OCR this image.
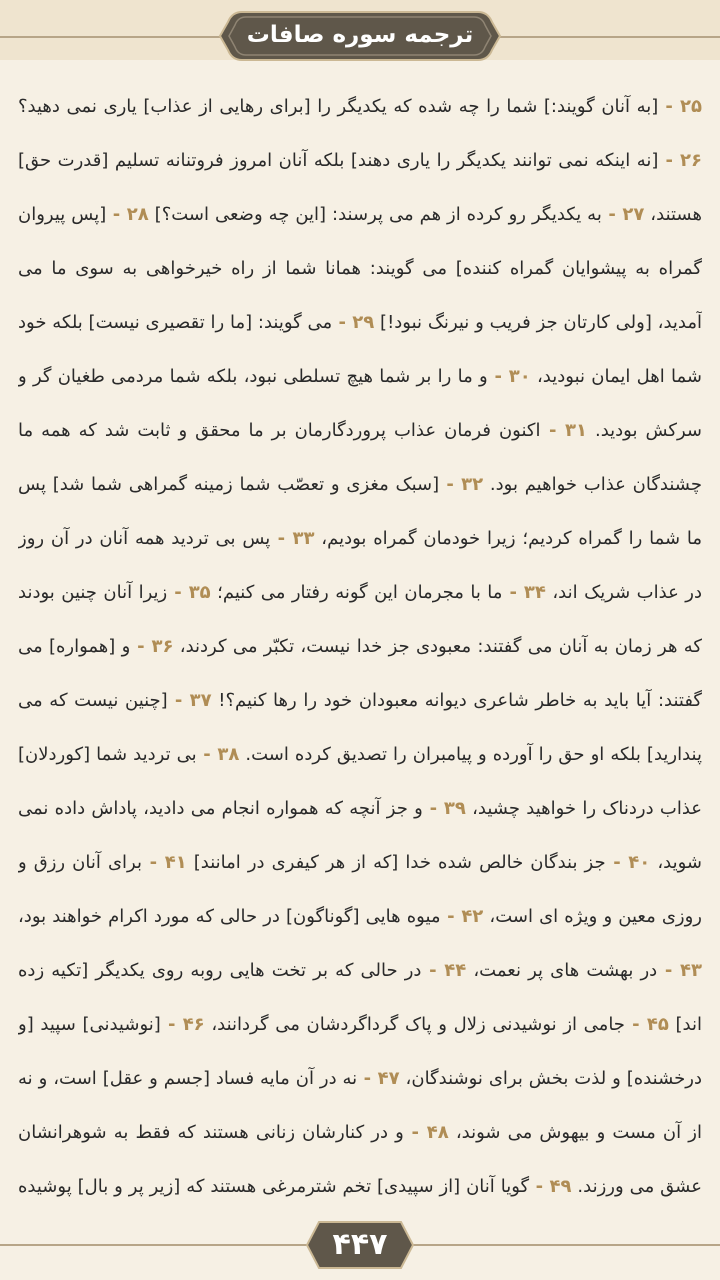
ترجمه سوره صافات
۲۵ - [به آنان گویند:] شما را چه شده که یکدیگر را [برای رهایی از عذاب] یاری نمی دهید؟ ۲۶ - [نه اینکه نمی توانند یکدیگر را یاری دهند] بلکه آنان امروز فروتنانه تسلیم [قدرت حق] هستند، ۲۷ - به یکدیگر رو کرده از هم می پرسند: [این چه وضعی است؟] ۲۸ - [پس پیروان گمراه به پیشوایان گمراه کننده] می گویند: همانا شما از راه خیرخواهی به سوی ما می آمدید، [ولی کارتان جز فریب و نیرنگ نبود!] ۲۹ - می گویند: [ما را تقصیری نیست] بلکه خود شما اهل ایمان نبودید، ۳۰ - و ما را بر شما هیچ تسلطی نبود، بلکه شما مردمی طغیان گر و سرکش بودید. ۳۱ - اکنون فرمان عذاب پروردگارمان بر ما محقق و ثابت شد که همه ما چشندگان عذاب خواهیم بود. ۳۲ - [سبک مغزی و تعصّب شما زمینه گمراهی شما شد] پس ما شما را گمراه کردیم؛ زیرا خودمان گمراه بودیم، ۳۳ - پس بی تردید همه آنان در آن روز در عذاب شریک اند، ۳۴ - ما با مجرمان این گونه رفتار می کنیم؛ ۳۵ - زیرا آنان چنین بودند که هر زمان به آنان می گفتند: معبودی جز خدا نیست، تکبّر می کردند، ۳۶ - و [همواره] می گفتند: آیا باید به خاطر شاعری دیوانه معبودان خود را رها کنیم؟! ۳۷ - [چنین نیست که می پندارید] بلکه او حق را آورده و پیامبران را تصدیق کرده است. ۳۸ - بی تردید شما [کوردلان] عذاب دردناک را خواهید چشید، ۳۹ - و جز آنچه که همواره انجام می دادید، پاداش داده نمی شوید، ۴۰ - جز بندگان خالص شده خدا [که از هر کیفری در امانند] ۴۱ - برای آنان رزق و روزی معین و ویژه ای است، ۴۲ - میوه هایی [گوناگون] در حالی که مورد اکرام خواهند بود، ۴۳ - در بهشت های پر نعمت، ۴۴ - در حالی که بر تخت هایی روبه روی یکدیگر [تکیه زده اند] ۴۵ - جامی از نوشیدنی زلال و پاک گرداگردشان می گردانند، ۴۶ - [نوشیدنی] سپید [و درخشنده] و لذت بخش برای نوشندگان، ۴۷ - نه در آن مایه فساد [جسم و عقل] است، و نه از آن مست و بیهوش می شوند، ۴۸ - و در کنارشان زنانی هستند که فقط به شوهرانشان عشق می ورزند. ۴۹ - گویا آنان [از سپیدی] تخم شترمرغی هستند که [زیر پر و بال] پوشیده
۴۴۷
